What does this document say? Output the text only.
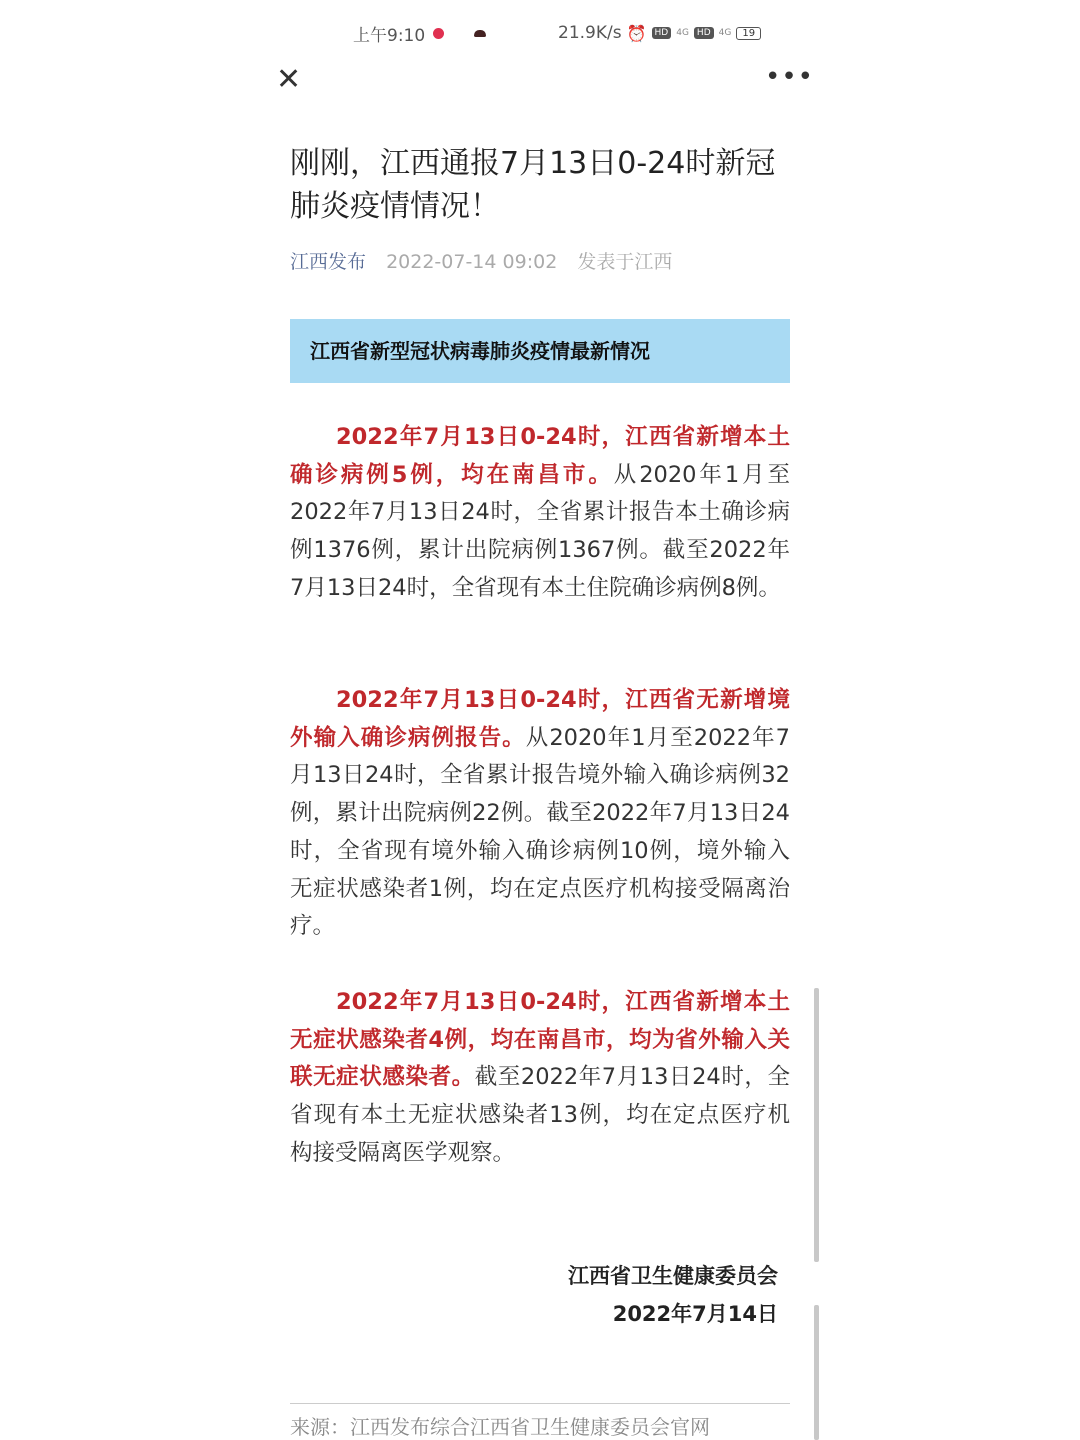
上午9:10	21.9K/s ⏰ HD 4G HD 4G	19
✕	•••
刚刚，江西通报7月13日0-24时新冠肺炎疫情情况！
江西发布 2022-07-14 09:02 发表于江西
江西省新型冠状病毒肺炎疫情最新情况
2022年7月13日0-24时，江西省新增本土确诊病例5例，均在南昌市。从2020年1月至2022年7月13日24时，全省累计报告本土确诊病例1376例，累计出院病例1367例。截至2022年7月13日24时，全省现有本土住院确诊病例8例。
2022年7月13日0-24时，江西省无新增境外输入确诊病例报告。从2020年1月至2022年7月13日24时，全省累计报告境外输入确诊病例32例，累计出院病例22例。截至2022年7月13日24时，全省现有境外输入确诊病例10例，境外输入无症状感染者1例，均在定点医疗机构接受隔离治疗。
2022年7月13日0-24时，江西省新增本土无症状感染者4例，均在南昌市，均为省外输入关联无症状感染者。截至2022年7月13日24时，全省现有本土无症状感染者13例，均在定点医疗机构接受隔离医学观察。
江西省卫生健康委员会
2022年7月14日
来源：江西发布综合江西省卫生健康委员会官网
